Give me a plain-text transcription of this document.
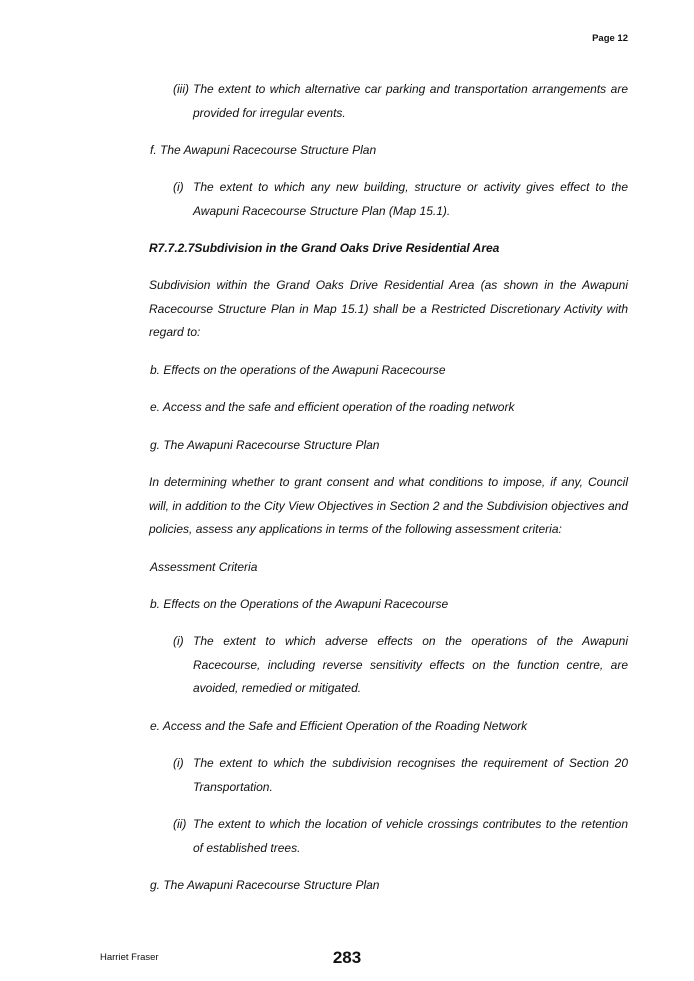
Page 12
(iii) The extent to which alternative car parking and transportation arrangements are provided for irregular events.
f. The Awapuni Racecourse Structure Plan
(i) The extent to which any new building, structure or activity gives effect to the Awapuni Racecourse Structure Plan (Map 15.1).
R7.7.2.7Subdivision in the Grand Oaks Drive Residential Area
Subdivision within the Grand Oaks Drive Residential Area (as shown in the Awapuni Racecourse Structure Plan in Map 15.1) shall be a Restricted Discretionary Activity with regard to:
b. Effects on the operations of the Awapuni Racecourse
e. Access and the safe and efficient operation of the roading network
g. The Awapuni Racecourse Structure Plan
In determining whether to grant consent and what conditions to impose, if any, Council will, in addition to the City View Objectives in Section 2 and the Subdivision objectives and policies, assess any applications in terms of the following assessment criteria:
Assessment Criteria
b. Effects on the Operations of the Awapuni Racecourse
(i) The extent to which adverse effects on the operations of the Awapuni Racecourse, including reverse sensitivity effects on the function centre, are avoided, remedied or mitigated.
e. Access and the Safe and Efficient Operation of the Roading Network
(i) The extent to which the subdivision recognises the requirement of Section 20 Transportation.
(ii) The extent to which the location of vehicle crossings contributes to the retention of established trees.
g. The Awapuni Racecourse Structure Plan
Harriet Fraser	283
